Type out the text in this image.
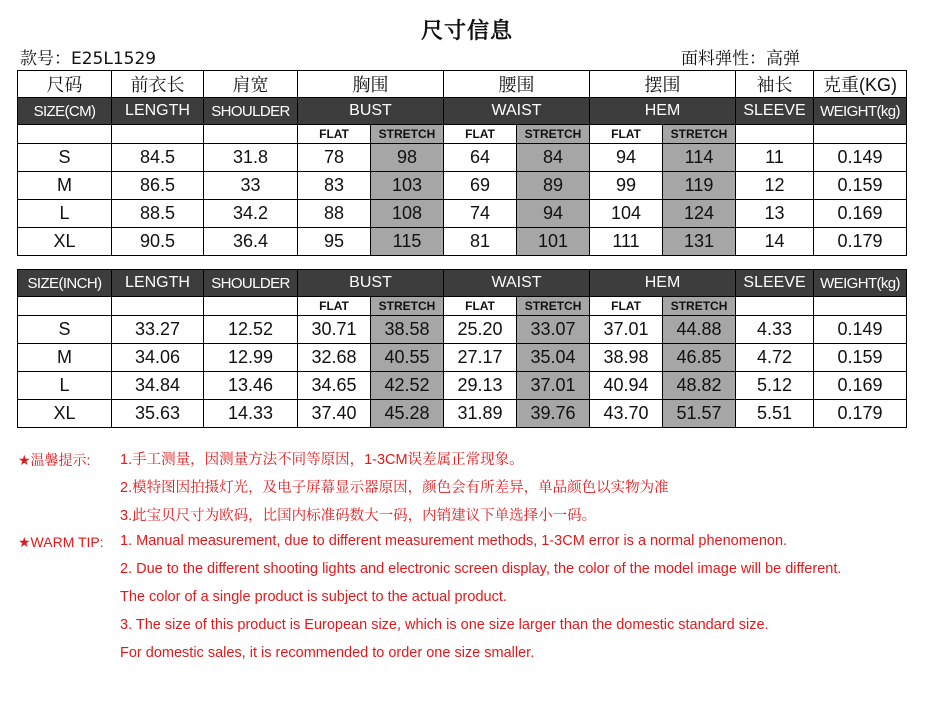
尺寸信息
款号：E25L1529	面料弹性：高弹
尺码	前衣长	肩宽	胸围		腰围		摆围		袖长	克重(KG)
SIZE(CM)	LENGTH	SHOULDER	BUST		WAIST		HEM		SLEEVE	WEIGHT(kg)
			FLAT	STRETCH	FLAT	STRETCH	FLAT	STRETCH		
S	84.5	31.8	78	98	64	84	94	114	11	0.149
M	86.5	33	83	103	69	89	99	119	12	0.159
L	88.5	34.2	88	108	74	94	104	124	13	0.169
XL	90.5	36.4	95	115	81	101	111	131	14	0.179
SIZE(INCH)	LENGTH	SHOULDER	BUST		WAIST		HEM		SLEEVE	WEIGHT(kg)
			FLAT	STRETCH	FLAT	STRETCH	FLAT	STRETCH		
S	33.27	12.52	30.71	38.58	25.20	33.07	37.01	44.88	4.33	0.149
M	34.06	12.99	32.68	40.55	27.17	35.04	38.98	46.85	4.72	0.159
L	34.84	13.46	34.65	42.52	29.13	37.01	40.94	48.82	5.12	0.169
XL	35.63	14.33	37.40	45.28	31.89	39.76	43.70	51.57	5.51	0.179
★温馨提示: 1.手工测量，因测量方法不同等原因，1-3CM误差属正常现象。
2.模特图因拍摄灯光，及电子屏幕显示器原因，颜色会有所差异，单品颜色以实物为准
3.此宝贝尺寸为欧码，比国内标准码数大一码，内销建议下单选择小一码。
★WARM TIP: 1. Manual measurement, due to different measurement methods, 1-3CM error is a normal phenomenon.
2. Due to the different shooting lights and electronic screen display, the color of the model image will be different.
The color of a single product is subject to the actual product.
3. The size of this product is European size, which is one size larger than the domestic standard size.
For domestic sales, it is recommended to order one size smaller.
